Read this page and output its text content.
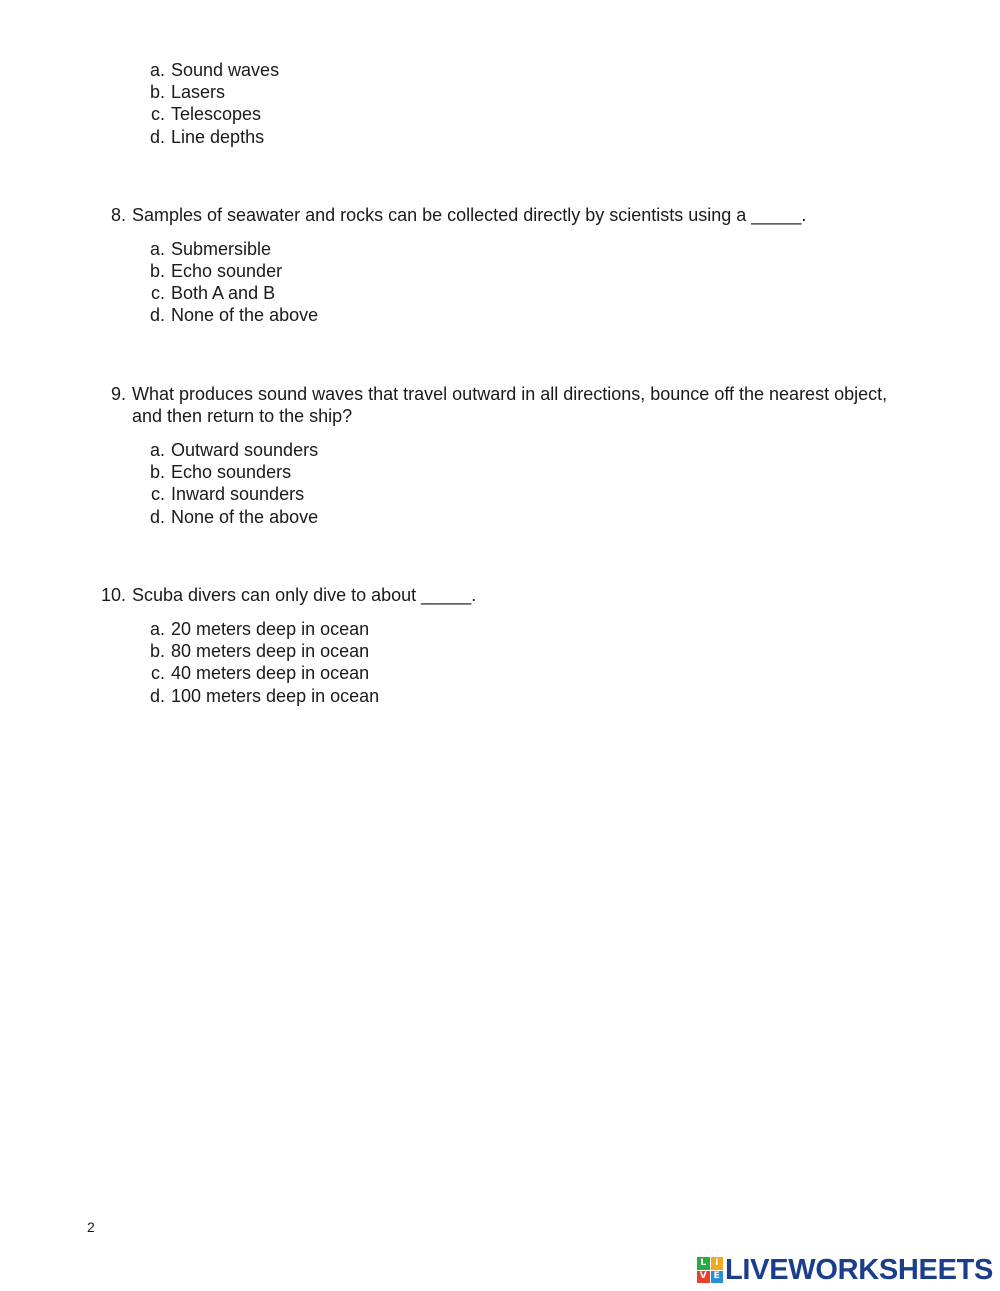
a. Sound waves
b. Lasers
c. Telescopes
d. Line depths
8. Samples of seawater and rocks can be collected directly by scientists using a _____.
a. Submersible
b. Echo sounder
c. Both A and B
d. None of the above
9. What produces sound waves that travel outward in all directions, bounce off the nearest object,
and then return to the ship?
a. Outward sounders
b. Echo sounders
c. Inward sounders
d. None of the above
10. Scuba divers can only dive to about _____.
a. 20 meters deep in ocean
b. 80 meters deep in ocean
c. 40 meters deep in ocean
d. 100 meters deep in ocean
2
L I
V E LIVEWORKSHEETS
